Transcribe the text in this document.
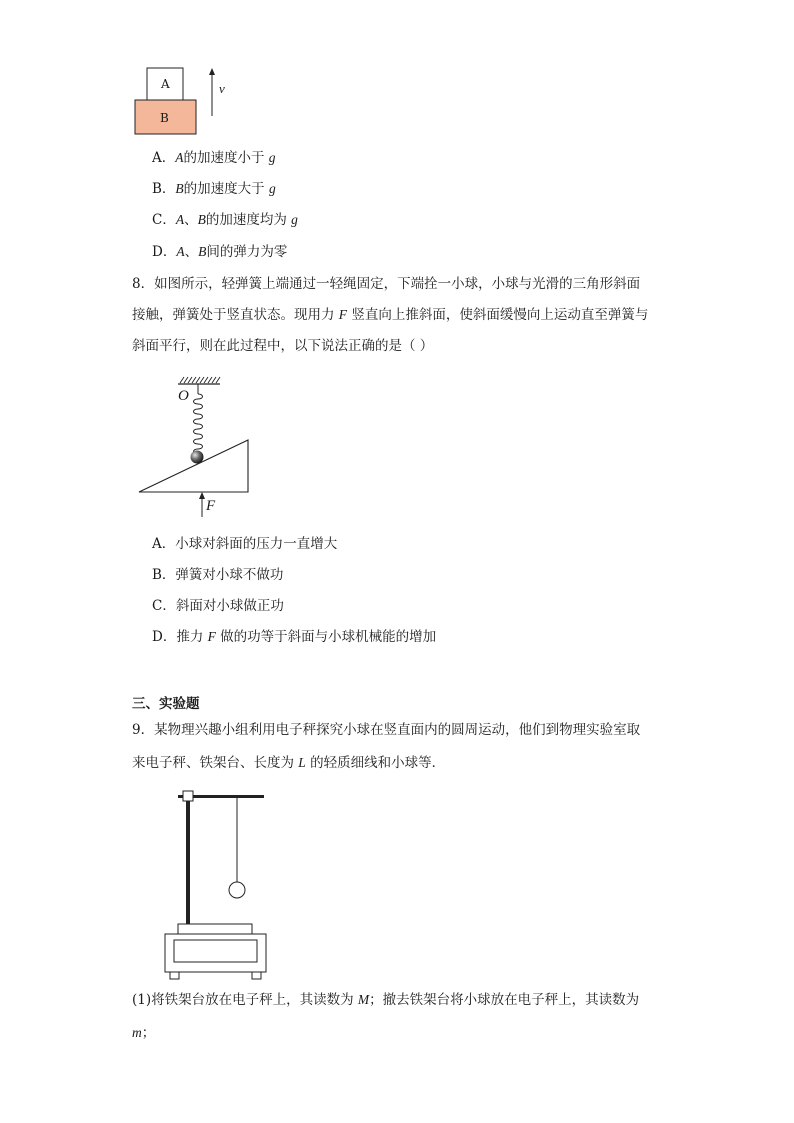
A
B
v
A．A的加速度小于 g
B．B的加速度大于 g
C．A、B的加速度均为 g
D．A、B间的弹力为零
8．如图所示，轻弹簧上端通过一轻绳固定，下端拴一小球，小球与光滑的三角形斜面
接触，弹簧处于竖直状态。现用力 F 竖直向上推斜面，使斜面缓慢向上运动直至弹簧与
斜面平行，则在此过程中，以下说法正确的是（ ）
O
F
A．小球对斜面的压力一直增大
B．弹簧对小球不做功
C．斜面对小球做正功
D．推力 F 做的功等于斜面与小球机械能的增加
三、实验题
9．某物理兴趣小组利用电子秤探究小球在竖直面内的圆周运动，他们到物理实验室取
来电子秤、铁架台、长度为 L 的轻质细线和小球等．
(1)将铁架台放在电子秤上，其读数为 M；撤去铁架台将小球放在电子秤上，其读数为
m；
